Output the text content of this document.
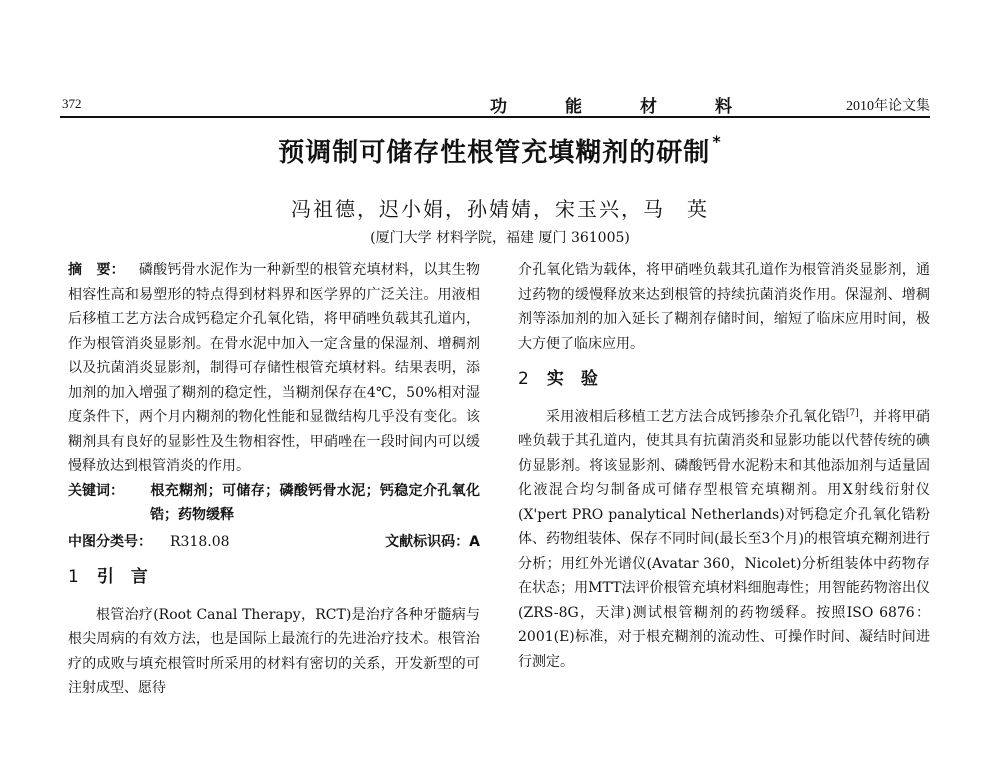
372	功能材料	2010年论文集
预调制可储存性根管充填糊剂的研制 *
冯祖德，迟小娟，孙婧婧，宋玉兴，马　英
(厦门大学 材料学院，福建 厦门 361005)

摘　要： 磷酸钙骨水泥作为一种新型的根管充填材料，以其生物相容性高和易塑形的特点得到材料界和医学界的广泛关注。用液相后移植工艺方法合成钙稳定介孔氧化锆，将甲硝唑负载其孔道内，作为根管消炎显影剂。在骨水泥中加入一定含量的保湿剂、增稠剂以及抗菌消炎显影剂，制得可存储性根管充填材料。结果表明，添加剂的加入增强了糊剂的稳定性，当糊剂保存在4℃，50%相对湿度条件下，两个月内糊剂的物化性能和显微结构几乎没有变化。该糊剂具有良好的显影性及生物相容性，甲硝唑在一段时间内可以缓慢释放达到根管消炎的作用。

关键词： 根充糊剂；可储存；磷酸钙骨水泥；钙稳定介孔氧化锆；药物缓释

中图分类号： R318.08	文献标识码：A
1 引　言

根管治疗(Root Canal Therapy，RCT)是治疗各种牙髓病与根尖周病的有效方法，也是国际上最流行的先进治疗技术。根管治疗的成败与填充根管时所采用的材料有密切的关系，开发新型的可注射成型、愿待

介孔氧化锆为载体，将甲硝唑负载其孔道作为根管消炎显影剂，通过药物的缓慢释放来达到根管的持续抗菌消炎作用。保湿剂、增稠剂等添加剂的加入延长了糊剂存储时间，缩短了临床应用时间，极大方便了临床应用。

2 实　验

采用液相后移植工艺方法合成钙掺杂介孔氧化锆[7]，并将甲硝唑负载于其孔道内，使其具有抗菌消炎和显影功能以代替传统的碘仿显影剂。将该显影剂、磷酸钙骨水泥粉末和其他添加剂与适量固化液混合均匀制备成可储存型根管充填糊剂。用X射线衍射仪(X'pert PRO panalytical Netherlands)对钙稳定介孔氧化锆粉体、药物组装体、保存不同时间(最长至3个月)的根管填充糊剂进行分析；用红外光谱仪(Avatar 360，Nicolet)分析组装体中药物存在状态；用MTT法评价根管充填材料细胞毒性；用智能药物溶出仪(ZRS-8G，天津)测试根管糊剂的药物缓释。按照ISO 6876：2001(E)标准，对于根充糊剂的流动性、可操作时间、凝结时间进行测定。
